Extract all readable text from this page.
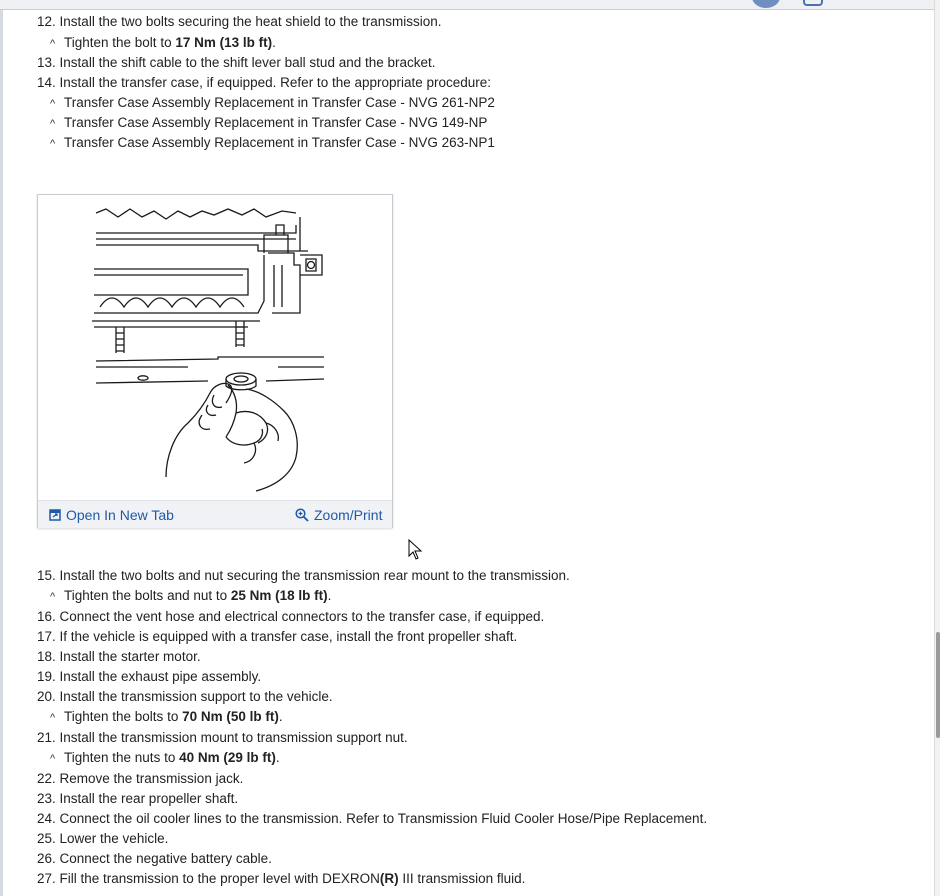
12. Install the two bolts securing the heat shield to the transmission.
^ Tighten the bolt to 17 Nm (13 lb ft).
13. Install the shift cable to the shift lever ball stud and the bracket.
14. Install the transfer case, if equipped. Refer to the appropriate procedure:
^ Transfer Case Assembly Replacement in Transfer Case - NVG 261-NP2
^ Transfer Case Assembly Replacement in Transfer Case - NVG 149-NP
^ Transfer Case Assembly Replacement in Transfer Case - NVG 263-NP1
Open In New Tab	Zoom/Print
15. Install the two bolts and nut securing the transmission rear mount to the transmission.
^ Tighten the bolts and nut to 25 Nm (18 lb ft).
16. Connect the vent hose and electrical connectors to the transfer case, if equipped.
17. If the vehicle is equipped with a transfer case, install the front propeller shaft.
18. Install the starter motor.
19. Install the exhaust pipe assembly.
20. Install the transmission support to the vehicle.
^ Tighten the bolts to 70 Nm (50 lb ft).
21. Install the transmission mount to transmission support nut.
^ Tighten the nuts to 40 Nm (29 lb ft).
22. Remove the transmission jack.
23. Install the rear propeller shaft.
24. Connect the oil cooler lines to the transmission. Refer to Transmission Fluid Cooler Hose/Pipe Replacement.
25. Lower the vehicle.
26. Connect the negative battery cable.
27. Fill the transmission to the proper level with DEXRON(R) III transmission fluid.
